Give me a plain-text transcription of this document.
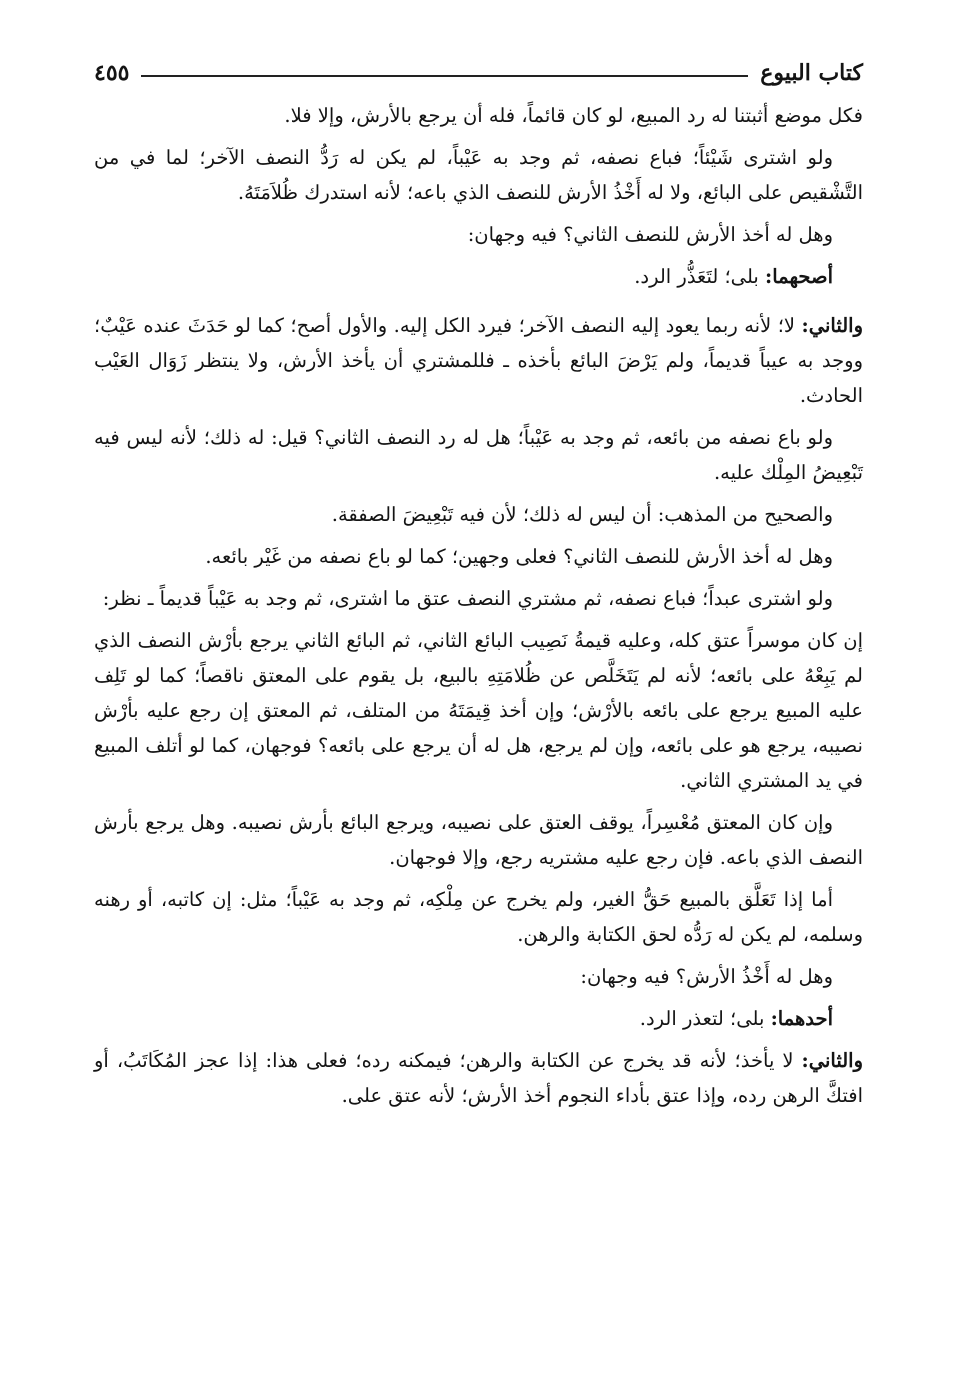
كتاب البيوع
٤٥٥

فكل موضع أثبتنا له رد المبيع، لو كان قائماً، فله أن يرجع بالأرش، وإلا فلا.

ولو اشترى شَيْئاً؛ فباع نصفه، ثم وجد به عَيْباً، لم يكن له رَدُّ النصف الآخر؛ لما في من التَّشْقيص على البائع، ولا له أَخْذُ الأرش للنصف الذي باعه؛ لأنه استدرك ظُلاَمَتَهُ.

وهل له أخذ الأرش للنصف الثاني؟ فيه وجهان:

أصحهما: بلى؛ لتَعَذُّر الرد.

والثاني: لا؛ لأنه ربما يعود إليه النصف الآخر؛ فيرد الكل إليه. والأول أصح؛ كما لو حَدَثَ عنده عَيْبٌ؛ ووجد به عيباً قديماً، ولم يَرْضَ البائع بأخذه ـ فللمشتري أن يأخذ الأرش، ولا ينتظر زَوَال العَيْب الحادث.

ولو باع نصفه من بائعه، ثم وجد به عَيْباً؛ هل له رد النصف الثاني؟ قيل: له ذلك؛ لأنه ليس فيه تَبْعِيضُ المِلْك عليه.

والصحيح من المذهب: أن ليس له ذلك؛ لأن فيه تَبْعِيضَ الصفقة.

وهل له أخذ الأرش للنصف الثاني؟ فعلى وجهين؛ كما لو باع نصفه من غَيْر بائعه.

ولو اشترى عبداً؛ فباع نصفه، ثم مشتري النصف عتق ما اشترى، ثم وجد به عَيْباً قديماً ـ نظر:

إن كان موسراً عتق كله، وعليه قيمةُ نَصِيب البائع الثاني، ثم البائع الثاني يرجع بأرْش النصف الذي لم يَبِعْهُ على بائعه؛ لأنه لم يَتَخَلَّص عن ظُلامَتِهِ بالبيع، بل يقوم على المعتق ناقصاً؛ كما لو تَلِف عليه المبيع يرجع على بائعه بالأرْش؛ وإن أخذ قِيمَتَهُ من المتلف، ثم المعتق إن رجع عليه بأرْش نصيبه، يرجع هو على بائعه، وإن لم يرجع، هل له أن يرجع على بائعه؟ فوجهان، كما لو أتلف المبيع في يد المشتري الثاني.

وإن كان المعتق مُعْسِراً، يوقف العتق على نصيبه، ويرجع البائع بأرش نصيبه. وهل يرجع بأرش النصف الذي باعه. فإن رجع عليه مشتريه رجع، وإلا فوجهان.

أما إذا تَعَلَّق بالمبيع حَقُّ الغير، ولم يخرج عن مِلْكِه، ثم وجد به عَيْباً؛ مثل: إن كاتبه، أو رهنه وسلمه، لم يكن له رَدُّه لحق الكتابة والرهن.

وهل له أَخْذُ الأرش؟ فيه وجهان:

أحدهما: بلى؛ لتعذر الرد.

والثاني: لا يأخذ؛ لأنه قد يخرج عن الكتابة والرهن؛ فيمكنه رده؛ فعلى هذا: إذا عجز المُكَاتَبُ، أو افتكَّ الرهن رده، وإذا عتق بأداء النجوم أخذ الأرش؛ لأنه عتق على.
